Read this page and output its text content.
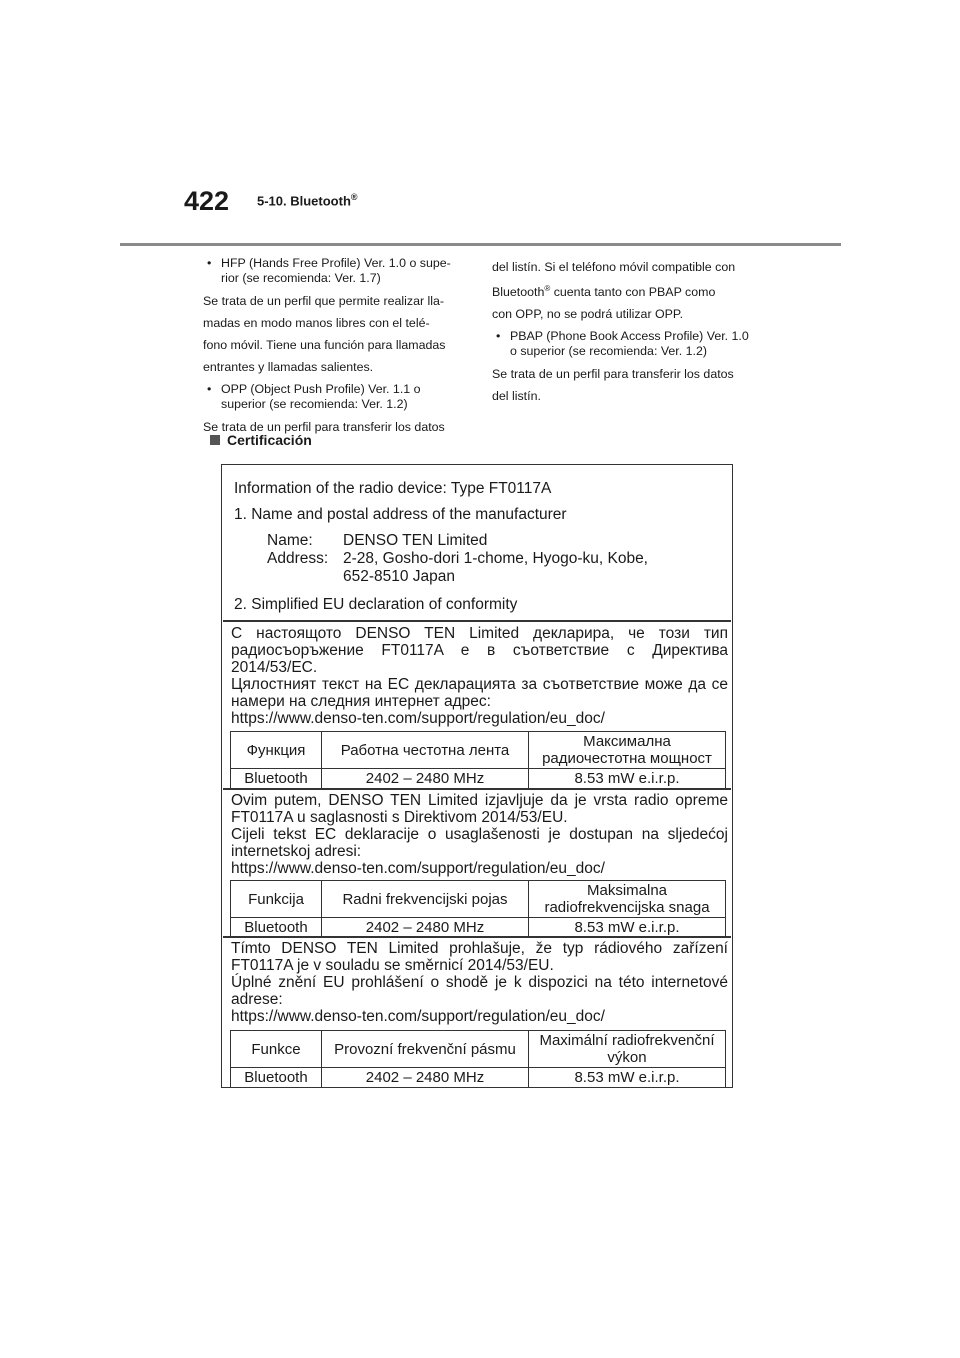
422 5-10. Bluetooth®
• HFP (Hands Free Profile) Ver. 1.0 o supe-rior (se recomienda: Ver. 1.7)
Se trata de un perfil que permite realizar lla-
madas en modo manos libres con el telé-
fono móvil. Tiene una función para llamadas
entrantes y llamadas salientes.
• OPP (Object Push Profile) Ver. 1.1 o superior (se recomienda: Ver. 1.2)
Se trata de un perfil para transferir los datos
del listín. Si el teléfono móvil compatible con
Bluetooth® cuenta tanto con PBAP como
con OPP, no se podrá utilizar OPP.
• PBAP (Phone Book Access Profile) Ver. 1.0 o superior (se recomienda: Ver. 1.2)
Se trata de un perfil para transferir los datos
del listín.
Certificación
Information of the radio device: Type FT0117A
1. Name and postal address of the manufacturer
Name:	DENSO TEN Limited
Address: 2-28, Gosho-dori 1-chome, Hyogo-ku, Kobe,
652-8510 Japan
2. Simplified EU declaration of conformity

С настоящото DENSO TEN Limited декларира, че този тип радиосъоръжение FT0117A е в съответствие с Директива 2014/53/EC.

Цялостният текст на ЕС декларацията за съответствие може да се намери на следния интернет адрес:

https://www.denso-ten.com/support/regulation/eu_doc/

Функция	Работна честотна лента	Максимална радиочестотна мощност
Bluetooth	2402 – 2480 MHz	8.53 mW e.i.r.p.

Ovim putem, DENSO TEN Limited izjavljuje da je vrsta radio opreme FT0117A u saglasnosti s Direktivom 2014/53/EU.

Cijeli tekst EC deklaracije o usaglašenosti je dostupan na sljedećoj internetskoj adresi:

https://www.denso-ten.com/support/regulation/eu_doc/

Funkcija	Radni frekvencijski pojas	Maksimalna radiofrekvencijska snaga
Bluetooth	2402 – 2480 MHz	8.53 mW e.i.r.p.

Tímto DENSO TEN Limited prohlašuje, že typ rádiového zařízení FT0117A je v souladu se směrnicí 2014/53/EU.

Úplné znění EU prohlášení o shodě je k dispozici na této internetové adrese:

https://www.denso-ten.com/support/regulation/eu_doc/

Funkce	Provozní frekvenční pásmu	Maximální radiofrekvenční výkon
Bluetooth	2402 – 2480 MHz	8.53 mW e.i.r.p.
